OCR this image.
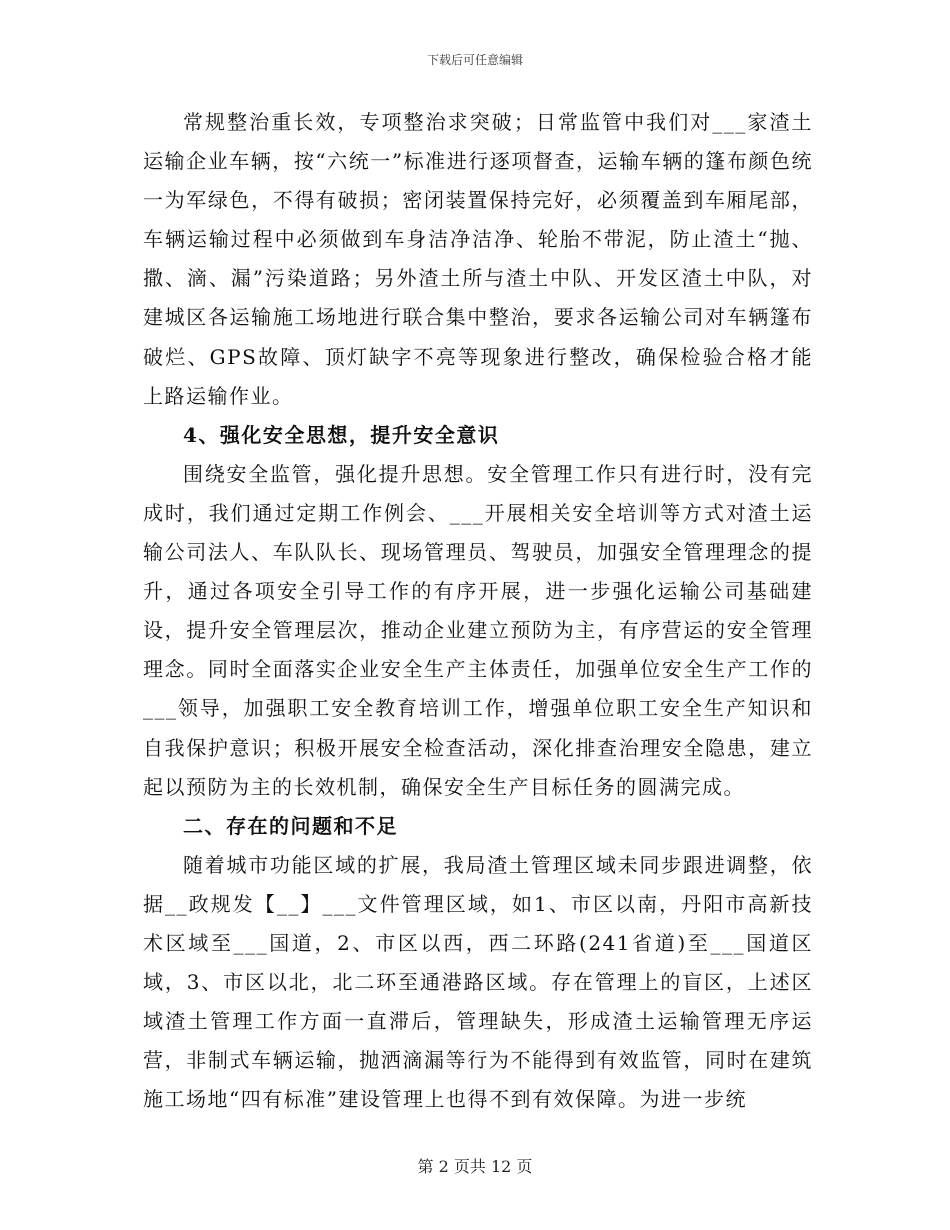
下载后可任意编辑

常规整治重长效，专项整治求突破；日常监管中我们对___家渣土运输企业车辆，按“六统一”标准进行逐项督查，运输车辆的篷布颜色统一为军绿色，不得有破损；密闭装置保持完好，必须覆盖到车厢尾部，车辆运输过程中必须做到车身洁净洁净、轮胎不带泥，防止渣土“抛、撒、滴、漏”污染道路；另外渣土所与渣土中队、开发区渣土中队，对建城区各运输施工场地进行联合集中整治，要求各运输公司对车辆篷布破烂、GPS故障、顶灯缺字不亮等现象进行整改，确保检验合格才能上路运输作业。

4、强化安全思想，提升安全意识

围绕安全监管，强化提升思想。安全管理工作只有进行时，没有完成时，我们通过定期工作例会、___开展相关安全培训等方式对渣土运输公司法人、车队队长、现场管理员、驾驶员，加强安全管理理念的提升，通过各项安全引导工作的有序开展，进一步强化运输公司基础建设，提升安全管理层次，推动企业建立预防为主，有序营运的安全管理理念。同时全面落实企业安全生产主体责任，加强单位安全生产工作的___领导，加强职工安全教育培训工作，增强单位职工安全生产知识和自我保护意识；积极开展安全检查活动，深化排查治理安全隐患，建立起以预防为主的长效机制，确保安全生产目标任务的圆满完成。

二、存在的问题和不足

随着城市功能区域的扩展，我局渣土管理区域未同步跟进调整，依据__政规发【__】___文件管理区域，如1、市区以南，丹阳市高新技术区域至___国道，2、市区以西，西二环路(241省道)至___国道区域，3、市区以北，北二环至通港路区域。存在管理上的盲区，上述区域渣土管理工作方面一直滞后，管理缺失，形成渣土运输管理无序运营，非制式车辆运输，抛洒滴漏等行为不能得到有效监管，同时在建筑施工场地“四有标准”建设管理上也得不到有效保障。为进一步统

第 2 页共 12 页
